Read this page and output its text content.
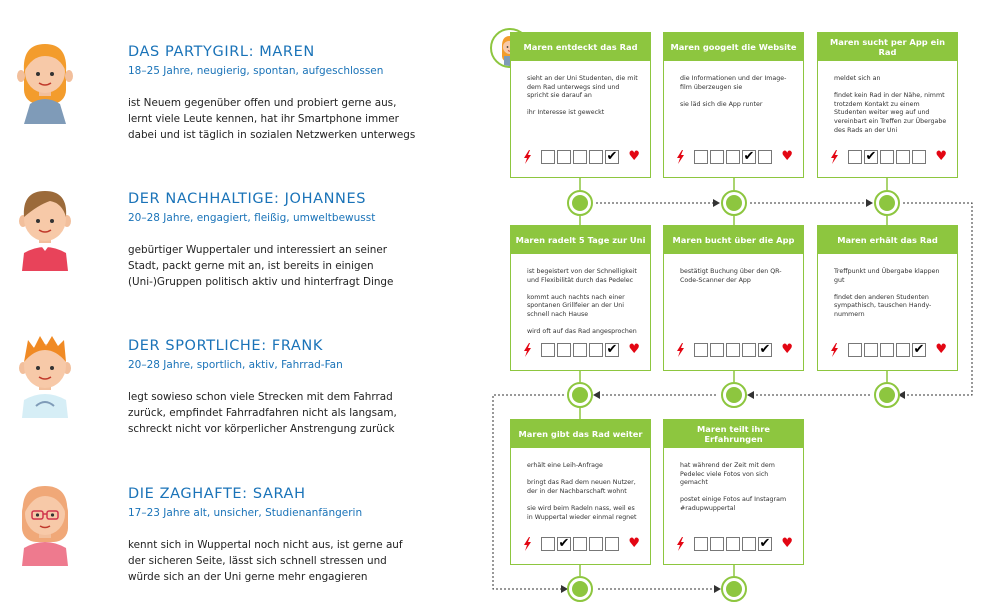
DAS PARTYGIRL: MAREN
18–25 Jahre, neugierig, spontan, aufgeschlossen
ist Neuem gegenüber offen und probiert gerne aus,
lernt viele Leute kennen, hat ihr Smartphone immer
dabei und ist täglich in sozialen Netzwerken unterwegs
DER NACHHALTIGE: JOHANNES
20–28 Jahre, engagiert, fleißig, umweltbewusst
gebürtiger Wuppertaler und interessiert an seiner
Stadt, packt gerne mit an, ist bereits in einigen
(Uni-)Gruppen politisch aktiv und hinterfragt Dinge
DER SPORTLICHE: FRANK
20–28 Jahre, sportlich, aktiv, Fahrrad-Fan
legt sowieso schon viele Strecken mit dem Fahrrad
zurück, empfindet Fahrradfahren nicht als langsam,
schreckt nicht vor körperlicher Anstrengung zurück
DIE ZAGHAFTE: SARAH
17–23 Jahre alt, unsicher, Studienanfängerin
kennt sich in Wuppertal noch nicht aus, ist gerne auf
der sicheren Seite, lässt sich schnell stressen und
würde sich an der Uni gerne mehr engagieren
Maren entdeckt das Rad

sieht an der Uni Studenten, die mit dem Rad unterwegs sind und spricht sie darauf an

ihr Interesse ist geweckt

✔ ♥
Maren googelt die Website

die Informationen und der Image-film überzeugen sie

sie läd sich die App runter

✔ ♥
Maren sucht per App ein Rad

meldet sich an

findet kein Rad in der Nähe, nimmt trotzdem Kontakt zu einem Studenten weiter weg auf und vereinbart ein Treffen zur Übergabe des Rads an der Uni

✔	♥
Maren radelt 5 Tage zur Uni

ist begeistert von der Schnelligkeit und Flexibilität durch das Pedelec

kommt auch nachts nach einer spontanen Grillfeier an der Uni schnell nach Hause

wird oft auf das Rad angesprochen

✔ ♥
Maren bucht über die App

bestätigt Buchung über den QR-Code-Scanner der App

✔ ♥
Maren erhält das Rad

Treffpunkt und Übergabe klappen gut

findet den anderen Studenten sympathisch, tauschen Handy-nummern

✔ ♥
Maren gibt das Rad weiter

erhält eine Leih-Anfrage

bringt das Rad dem neuen Nutzer, der in der Nachbarschaft wohnt

sie wird beim Radeln nass, weil es in Wuppertal wieder einmal regnet

✔	♥
Maren teilt ihre Erfahrungen

hat während der Zeit mit dem Pedelec viele Fotos von sich gemacht

postet einige Fotos auf Instagram #radupwuppertal

✔ ♥
